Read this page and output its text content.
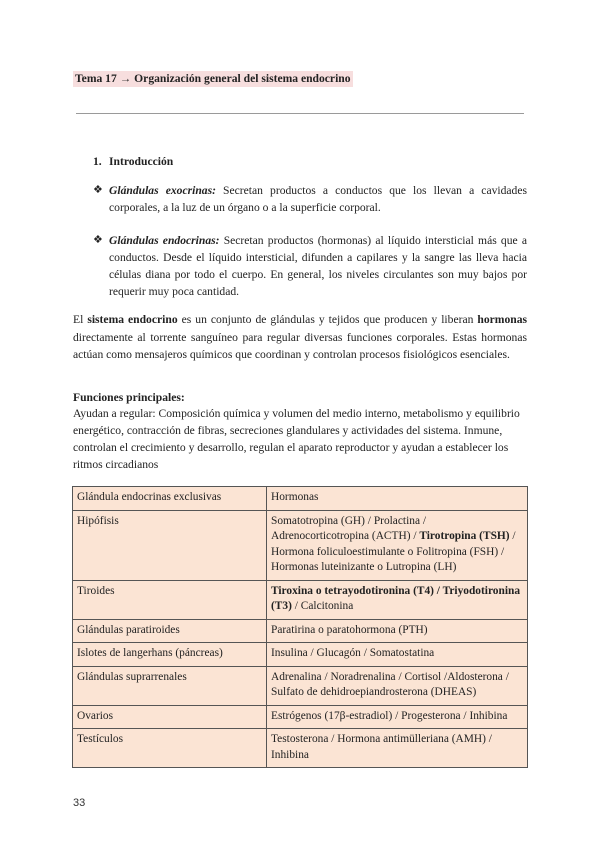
Tema 17 → Organización general del sistema endocrino
1. Introducción
❖ Glándulas exocrinas: Secretan productos a conductos que los llevan a cavidades corporales, a la luz de un órgano o a la superficie corporal.
❖ Glándulas endocrinas: Secretan productos (hormonas) al líquido intersticial más que a conductos. Desde el líquido intersticial, difunden a capilares y la sangre las lleva hacia células diana por todo el cuerpo. En general, los niveles circulantes son muy bajos por requerir muy poca cantidad.
El sistema endocrino es un conjunto de glándulas y tejidos que producen y liberan hormonas directamente al torrente sanguíneo para regular diversas funciones corporales. Estas hormonas actúan como mensajeros químicos que coordinan y controlan procesos fisiológicos esenciales.
Funciones principales:
Ayudan a regular: Composición química y volumen del medio interno, metabolismo y equilibrio energético, contracción de fibras, secreciones glandulares y actividades del sistema. Inmune, controlan el crecimiento y desarrollo, regulan el aparato reproductor y ayudan a establecer los ritmos circadianos
Glándula endocrinas exclusivas	Hormonas
Hipófisis	Somatotropina (GH) / Prolactina / Adrenocorticotropina (ACTH) / Tirotropina (TSH) / Hormona foliculoestimulante o Folitropina (FSH) / Hormonas luteinizante o Lutropina (LH)
Tiroides	Tiroxina o tetrayodotironina (T4) / Triyodotironina (T3) / Calcitonina
Glándulas paratiroides	Paratirina o paratohormona (PTH)
Islotes de langerhans (páncreas)	Insulina / Glucagón / Somatostatina
Glándulas suprarrenales	Adrenalina / Noradrenalina / Cortisol /Aldosterona / Sulfato de dehidroepiandrosterona (DHEAS)
Ovarios	Estrógenos (17β-estradiol) / Progesterona / Inhibina
Testículos	Testosterona / Hormona antimülleriana (AMH) / Inhibina
33
